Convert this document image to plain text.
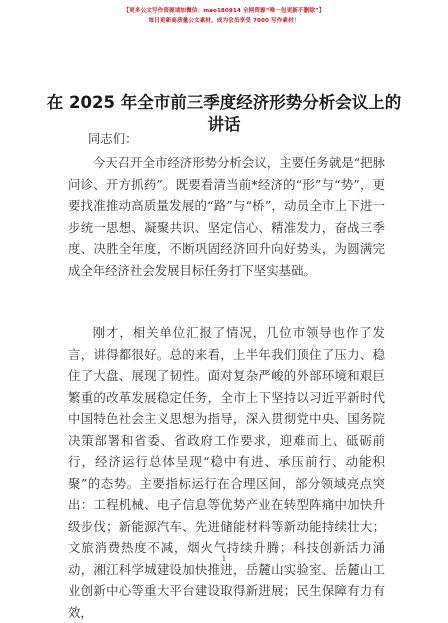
【更多公文写作资源请加微信：mao180914 全网资源“唯一包更新不删除”】
每日更新高质量公文素材，成为会员享受 7000 写作素材！
在 2025 年全市前三季度经济形势分析会议上的讲话
同志们：

今天召开全市经济形势分析会议，主要任务就是“把脉问诊、开方抓药”。既要看清当前*经济的“形”与“势”，更要找准推动高质量发展的“路”与“桥”，动员全市上下进一步统一思想、凝聚共识、坚定信心、精准发力，奋战三季度、决胜全年度，不断巩固经济回升向好势头，为圆满完成全年经济社会发展目标任务打下坚实基础。

刚才，相关单位汇报了情况，几位市领导也作了发言，讲得都很好。总的来看，上半年我们顶住了压力、稳住了大盘、展现了韧性。面对复杂严峻的外部环境和艰巨繁重的改革发展稳定任务，全市上下坚持以习近平新时代中国特色社会主义思想为指导，深入贯彻党中央、国务院决策部署和省委、省政府工作要求，迎难而上、砥砺前行，经济运行总体呈现“稳中有进、承压前行、动能积聚”的态势。主要指标运行在合理区间，部分领域亮点突出：工程机械、电子信息等优势产业在转型阵痛中加快升级步伐；新能源汽车、先进储能材料等新动能持续壮大；文旅消费热度不减，烟火气持续升腾；科技创新活力涌动，湘江科学城建设加快推进，岳麓山实验室、岳麓山工业创新中心等重大平台建设取得新进展；民生保障有力有效，

1
